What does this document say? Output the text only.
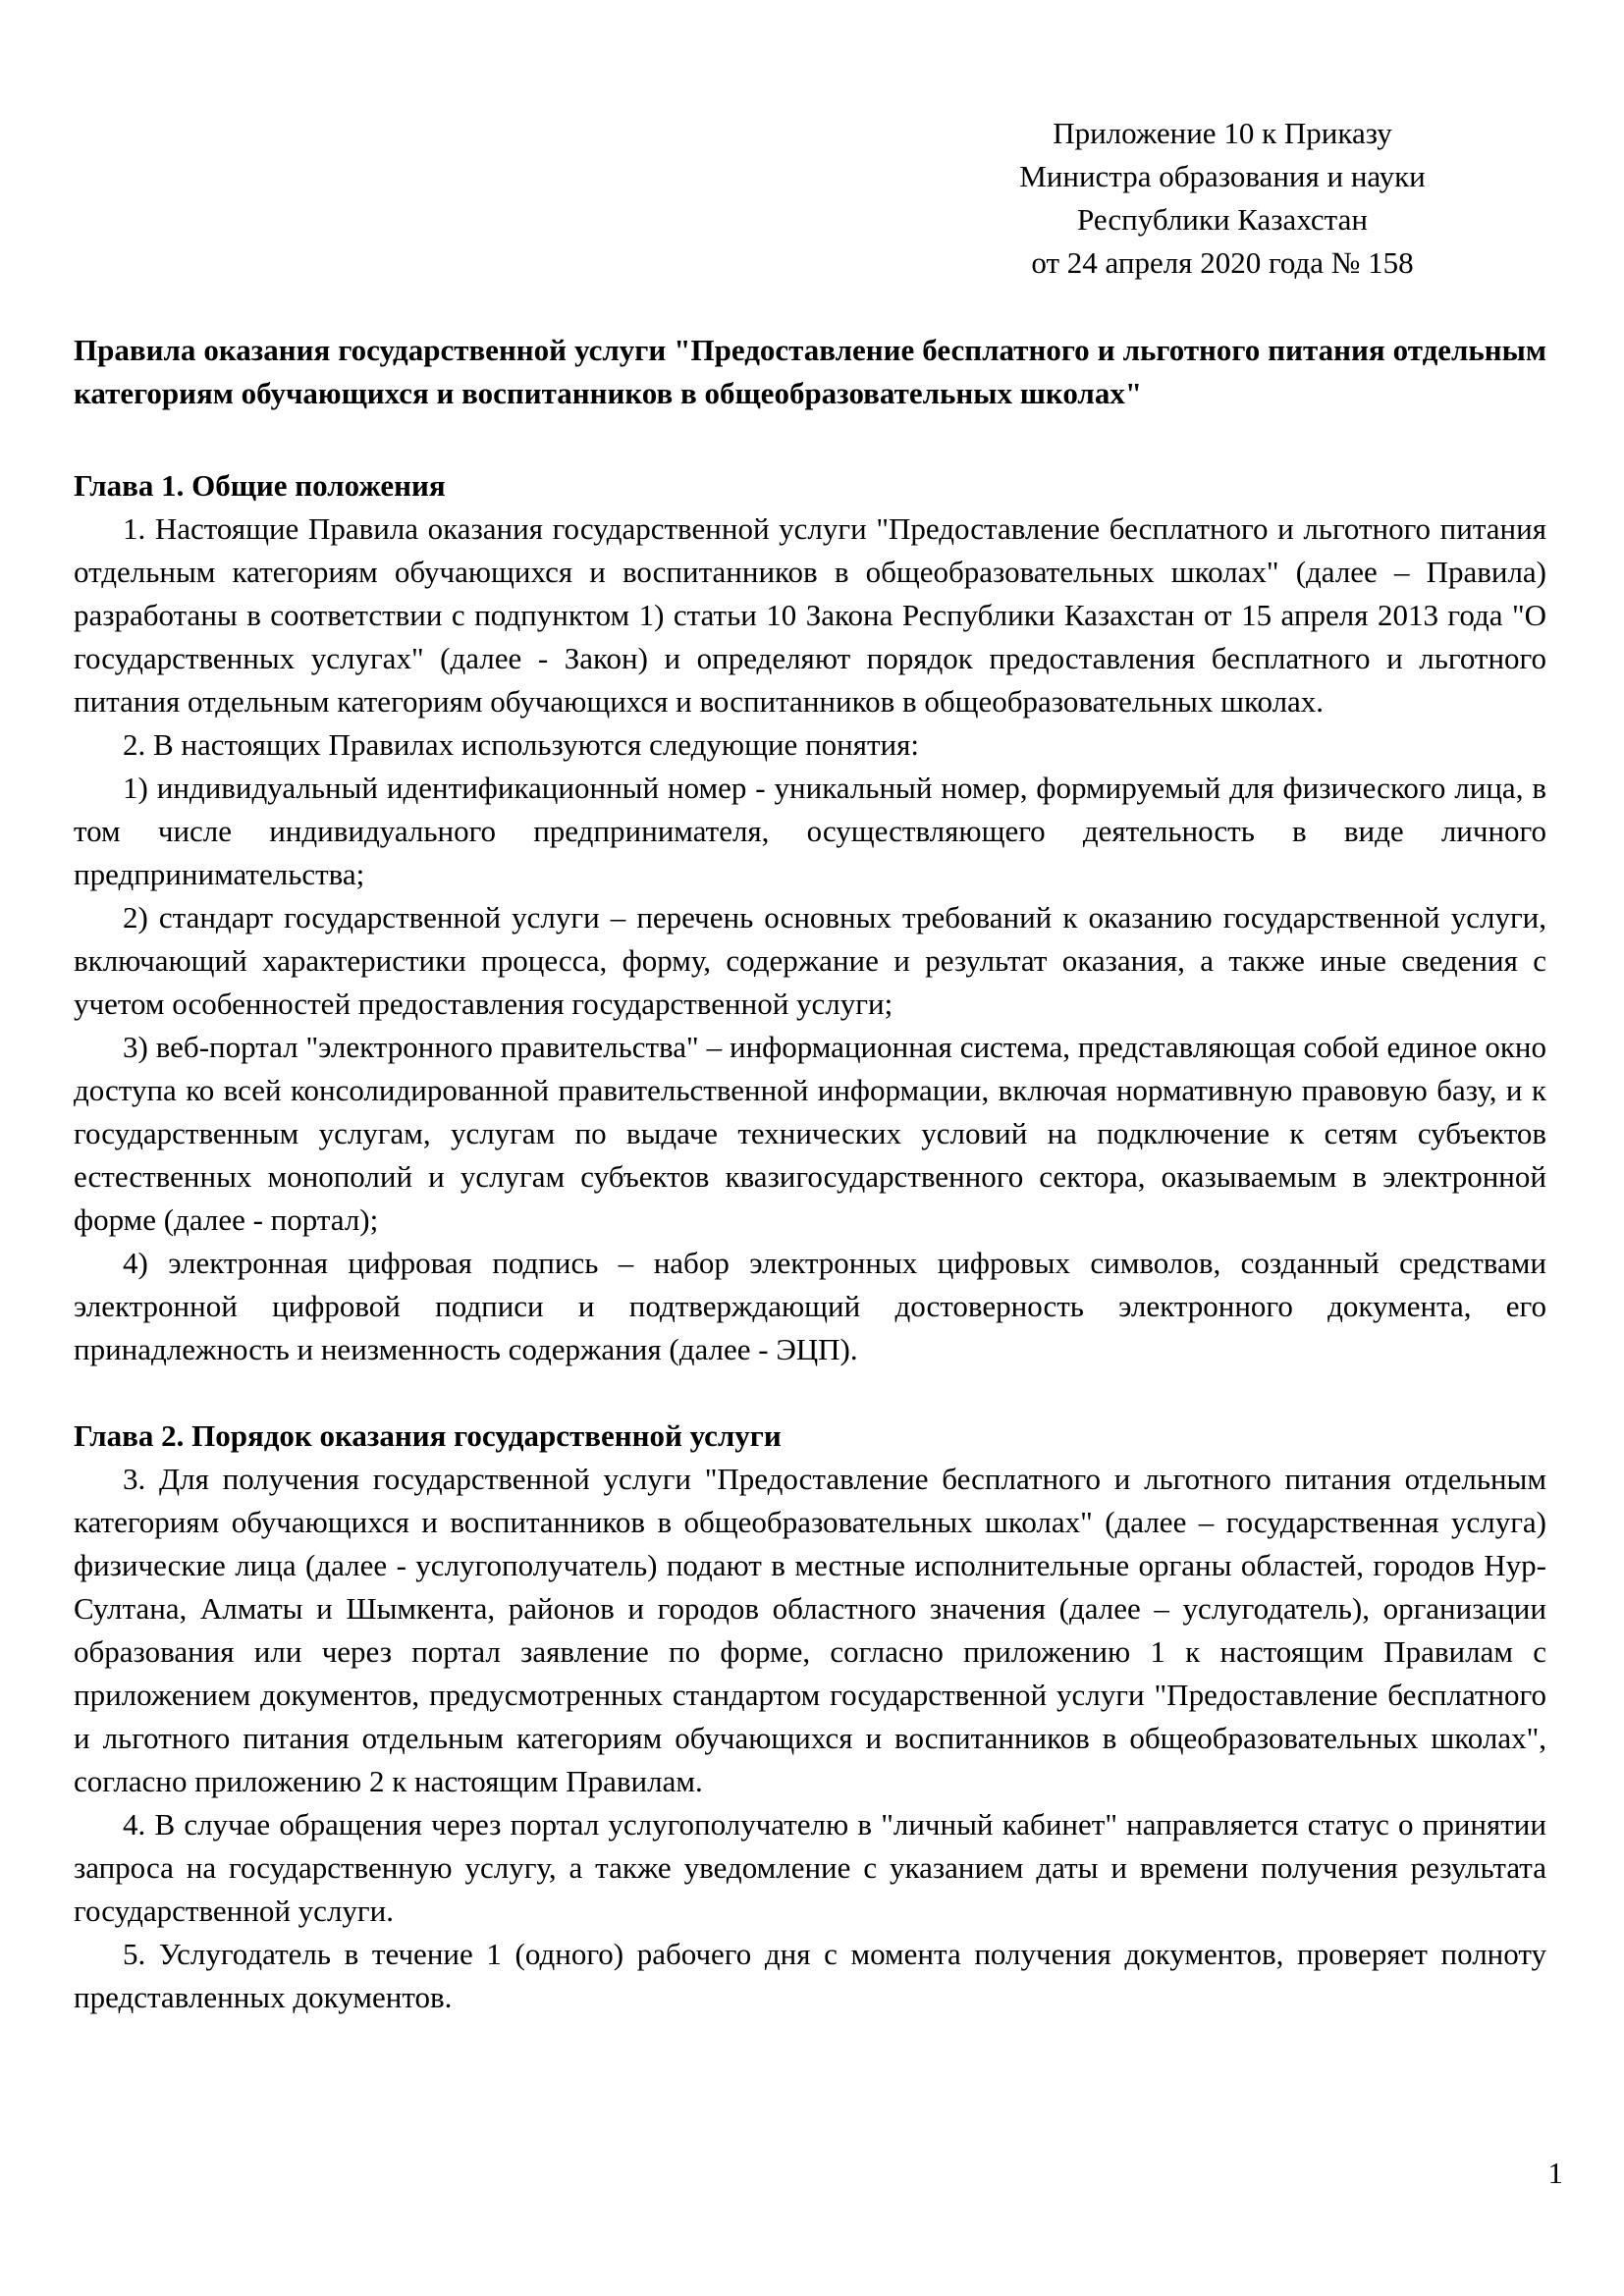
Приложение 10 к Приказу
Министра образования и науки
Республики Казахстан
от 24 апреля 2020 года № 158

Правила оказания государственной услуги "Предоставление бесплатного и льготного питания отдельным категориям обучающихся и воспитанников в общеобразовательных школах"

Глава 1. Общие положения

1. Настоящие Правила оказания государственной услуги "Предоставление бесплатного и льготного питания отдельным категориям обучающихся и воспитанников в общеобразовательных школах" (далее – Правила) разработаны в соответствии с подпунктом 1) статьи 10 Закона Республики Казахстан от 15 апреля 2013 года "О государственных услугах" (далее - Закон) и определяют порядок предоставления бесплатного и льготного питания отдельным категориям обучающихся и воспитанников в общеобразовательных школах.

2. В настоящих Правилах используются следующие понятия:

1) индивидуальный идентификационный номер - уникальный номер, формируемый для физического лица, в том числе индивидуального предпринимателя, осуществляющего деятельность в виде личного предпринимательства;

2) стандарт государственной услуги – перечень основных требований к оказанию государственной услуги, включающий характеристики процесса, форму, содержание и результат оказания, а также иные сведения с учетом особенностей предоставления государственной услуги;

3) веб-портал "электронного правительства" – информационная система, представляющая собой единое окно доступа ко всей консолидированной правительственной информации, включая нормативную правовую базу, и к государственным услугам, услугам по выдаче технических условий на подключение к сетям субъектов естественных монополий и услугам субъектов квазигосударственного сектора, оказываемым в электронной форме (далее - портал);

4) электронная цифровая подпись – набор электронных цифровых символов, созданный средствами электронной цифровой подписи и подтверждающий достоверность электронного документа, его принадлежность и неизменность содержания (далее - ЭЦП).

Глава 2. Порядок оказания государственной услуги

3. Для получения государственной услуги "Предоставление бесплатного и льготного питания отдельным категориям обучающихся и воспитанников в общеобразовательных школах" (далее – государственная услуга) физические лица (далее - услугополучатель) подают в местные исполнительные органы областей, городов Нур-Султана, Алматы и Шымкента, районов и городов областного значения (далее – услугодатель), организации образования или через портал заявление по форме, согласно приложению 1 к настоящим Правилам с приложением документов, предусмотренных стандартом государственной услуги "Предоставление бесплатного и льготного питания отдельным категориям обучающихся и воспитанников в общеобразовательных школах", согласно приложению 2 к настоящим Правилам.

4. В случае обращения через портал услугополучателю в "личный кабинет" направляется статус о принятии запроса на государственную услугу, а также уведомление с указанием даты и времени получения результата государственной услуги.

5. Услугодатель в течение 1 (одного) рабочего дня с момента получения документов, проверяет полноту представленных документов.

1
